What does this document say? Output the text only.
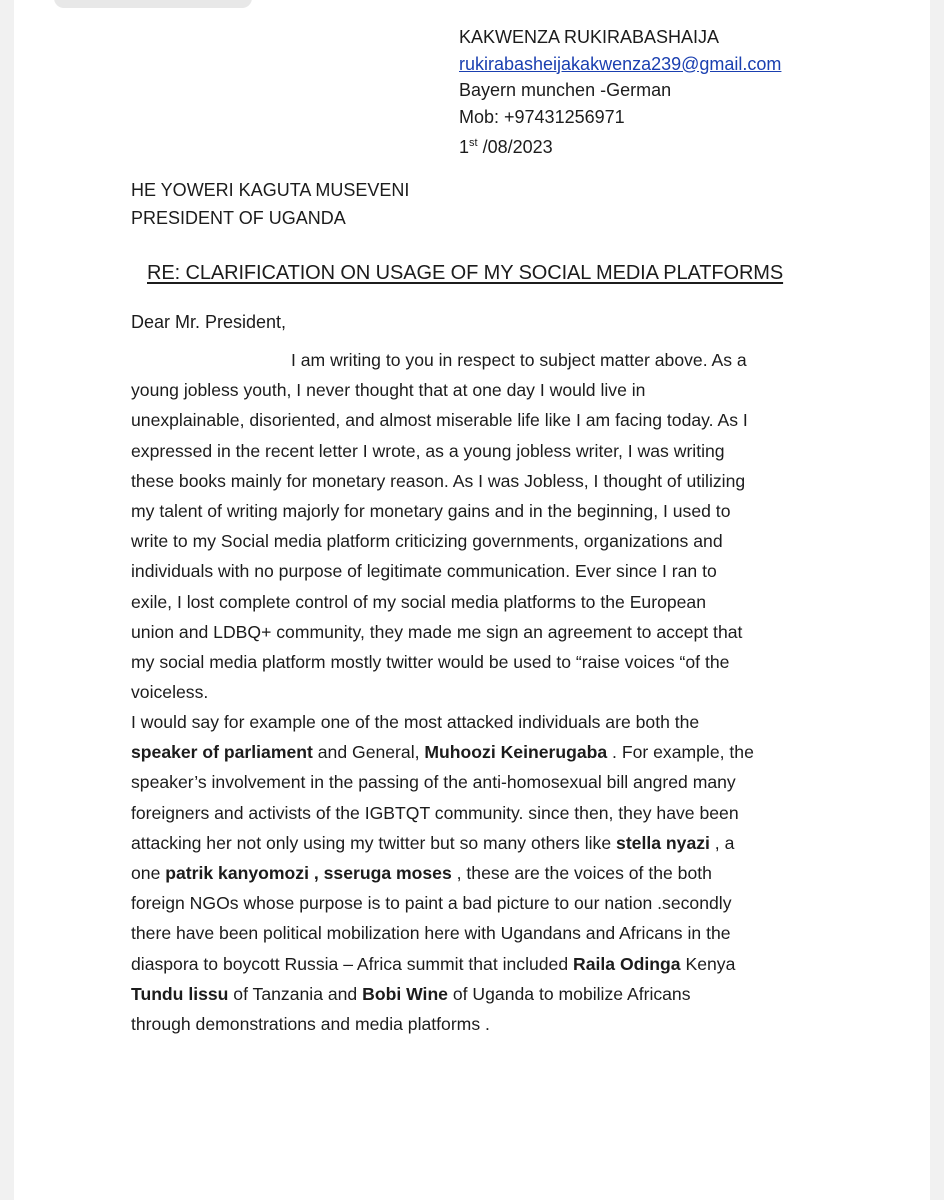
KAKWENZA RUKIRABASHAIJA
rukirabasheijakakwenza239@gmail.com
Bayern munchen -German
Mob: +97431256971
1st /08/2023
HE YOWERI KAGUTA MUSEVENI
PRESIDENT OF UGANDA
RE: CLARIFICATION ON USAGE OF MY SOCIAL MEDIA PLATFORMS
Dear Mr. President,
I am writing to you in respect to subject matter above. As a
young jobless youth, I never thought that at one day I would live in
unexplainable, disoriented, and almost miserable life like I am facing today. As I
expressed in the recent letter I wrote, as a young jobless writer, I was writing
these books mainly for monetary reason. As I was Jobless, I thought of utilizing
my talent of writing majorly for monetary gains and in the beginning, I used to
write to my Social media platform criticizing governments, organizations and
individuals with no purpose of legitimate communication. Ever since I ran to
exile, I lost complete control of my social media platforms to the European
union and LDBQ+ community, they made me sign an agreement to accept that
my social media platform mostly twitter would be used to “raise voices “of the
voiceless.
I would say for example one of the most attacked individuals are both the
speaker of parliament and General, Muhoozi Keinerugaba . For example, the
speaker’s involvement in the passing of the anti-homosexual bill angred many
foreigners and activists of the IGBTQT community. since then, they have been
attacking her not only using my twitter but so many others like stella nyazi , a
one patrik kanyomozi , sseruga moses , these are the voices of the both
foreign NGOs whose purpose is to paint a bad picture to our nation .secondly
there have been political mobilization here with Ugandans and Africans in the
diaspora to boycott Russia – Africa summit that included Raila Odinga Kenya
Tundu lissu of Tanzania and Bobi Wine of Uganda to mobilize Africans
through demonstrations and media platforms .
